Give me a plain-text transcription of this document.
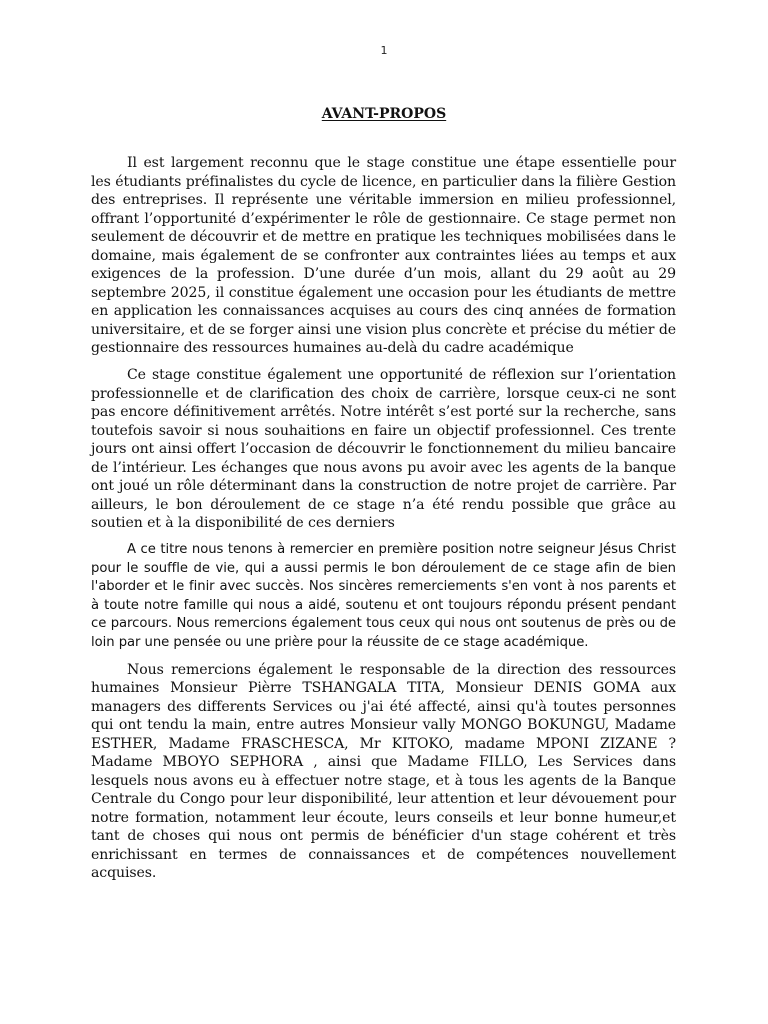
1
AVANT-PROPOS

Il est largement reconnu que le stage constitue une étape essentielle pour les étudiants préfinalistes du cycle de licence, en particulier dans la filière Gestion des entreprises. Il représente une véritable immersion en milieu professionnel, offrant l’opportunité d’expérimenter le rôle de gestionnaire. Ce stage permet non seulement de découvrir et de mettre en pratique les techniques mobilisées dans le domaine, mais également de se confronter aux contraintes liées au temps et aux exigences de la profession. D’une durée d’un mois, allant du 29 août au 29 septembre 2025, il constitue également une occasion pour les étudiants de mettre en application les connaissances acquises au cours des cinq années de formation universitaire, et de se forger ainsi une vision plus concrète et précise du métier de gestionnaire des ressources humaines au-delà du cadre académique

Ce stage constitue également une opportunité de réflexion sur l’orientation professionnelle et de clarification des choix de carrière, lorsque ceux-ci ne sont pas encore définitivement arrêtés. Notre intérêt s’est porté sur la recherche, sans toutefois savoir si nous souhaitions en faire un objectif professionnel. Ces trente jours ont ainsi offert l’occasion de découvrir le fonctionnement du milieu bancaire de l’intérieur. Les échanges que nous avons pu avoir avec les agents de la banque ont joué un rôle déterminant dans la construction de notre projet de carrière. Par ailleurs, le bon déroulement de ce stage n’a été rendu possible que grâce au soutien et à la disponibilité de ces derniers

A ce titre nous tenons à remercier en première position notre seigneur Jésus Christ pour le souffle de vie, qui a aussi permis le bon déroulement de ce stage afin de bien l'aborder et le finir avec succès. Nos sincères remerciements s'en vont à nos parents et à toute notre famille qui nous a aidé, soutenu et ont toujours répondu présent pendant ce parcours. Nous remercions également tous ceux qui nous ont soutenus de près ou de loin par une pensée ou une prière pour la réussite de ce stage académique.

Nous remercions également le responsable de la direction des ressources humaines Monsieur Pièrre TSHANGALA TITA, Monsieur DENIS GOMA aux managers des differents Services ou j'ai été affecté, ainsi qu'à toutes personnes qui ont tendu la main, entre autres Monsieur vally MONGO BOKUNGU, Madame ESTHER, Madame FRASCHESCA, Mr KITOKO, madame MPONI ZIZANE ? Madame MBOYO SEPHORA , ainsi que Madame FILLO, Les Services dans lesquels nous avons eu à effectuer notre stage, et à tous les agents de la Banque Centrale du Congo pour leur disponibilité, leur attention et leur dévouement pour notre formation, notamment leur écoute, leurs conseils et leur bonne humeur,et tant de choses qui nous ont permis de bénéficier d'un stage cohérent et très enrichissant en termes de connaissances et de compétences nouvellement acquises.
